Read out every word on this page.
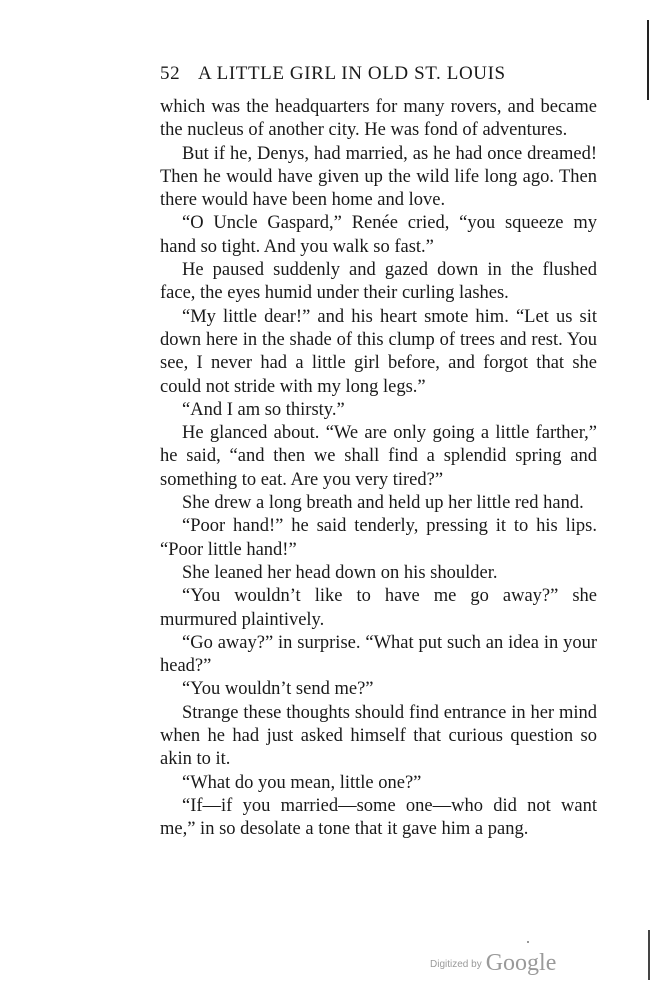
52 A LITTLE GIRL IN OLD ST. LOUIS

which was the headquarters for many rovers, and became the nucleus of another city. He was fond of adventures.

But if he, Denys, had married, as he had once dreamed! Then he would have given up the wild life long ago. Then there would have been home and love.

“O Uncle Gaspard,” Renée cried, “you squeeze my hand so tight. And you walk so fast.”

He paused suddenly and gazed down in the flushed face, the eyes humid under their curling lashes.

“My little dear!” and his heart smote him. “Let us sit down here in the shade of this clump of trees and rest. You see, I never had a little girl before, and forgot that she could not stride with my long legs.”

“And I am so thirsty.”

He glanced about. “We are only going a little farther,” he said, “and then we shall find a splendid spring and something to eat. Are you very tired?”

She drew a long breath and held up her little red hand.

“Poor hand!” he said tenderly, pressing it to his lips. “Poor little hand!”

She leaned her head down on his shoulder.

“You wouldn’t like to have me go away?” she murmured plaintively.

“Go away?” in surprise. “What put such an idea in your head?”

“You wouldn’t send me?”

Strange these thoughts should find entrance in her mind when he had just asked himself that curious question so akin to it.

“What do you mean, little one?”

“If—if you married—some one—who did not want me,” in so desolate a tone that it gave him a pang.

Digitized by Google
